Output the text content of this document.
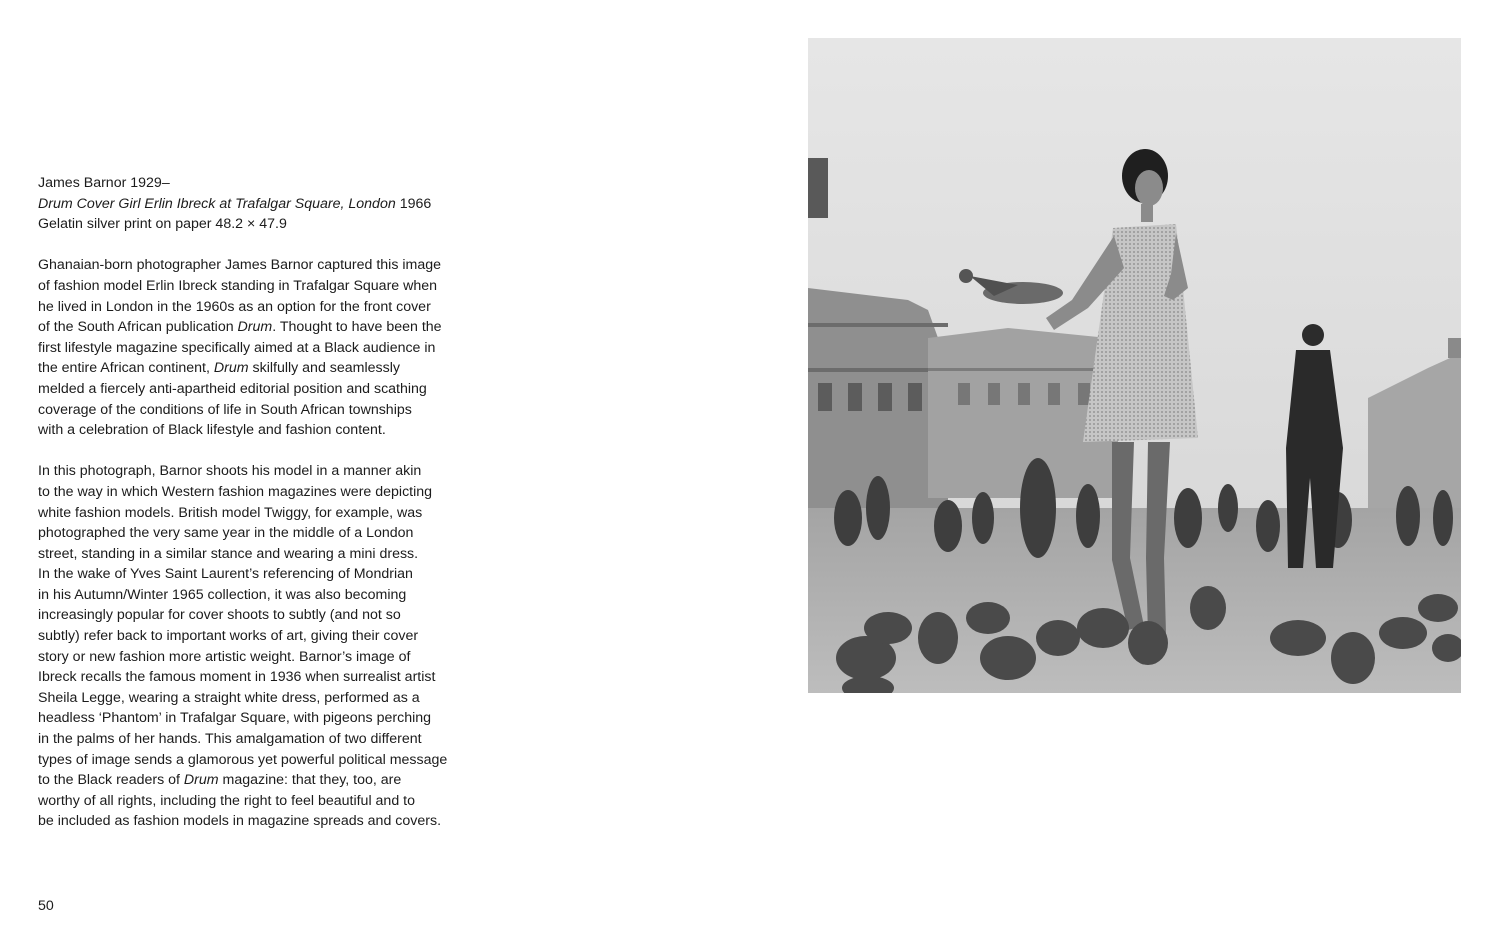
James Barnor 1929–
Drum Cover Girl Erlin Ibreck at Trafalgar Square, London 1966
Gelatin silver print on paper 48.2 × 47.9
Ghanaian-born photographer James Barnor captured this image
of fashion model Erlin Ibreck standing in Trafalgar Square when
he lived in London in the 1960s as an option for the front cover
of the South African publication Drum. Thought to have been the
first lifestyle magazine specifically aimed at a Black audience in
the entire African continent, Drum skilfully and seamlessly
melded a fiercely anti-apartheid editorial position and scathing
coverage of the conditions of life in South African townships
with a celebration of Black lifestyle and fashion content.
In this photograph, Barnor shoots his model in a manner akin
to the way in which Western fashion magazines were depicting
white fashion models. British model Twiggy, for example, was
photographed the very same year in the middle of a London
street, standing in a similar stance and wearing a mini dress.
In the wake of Yves Saint Laurent’s referencing of Mondrian
in his Autumn/Winter 1965 collection, it was also becoming
increasingly popular for cover shoots to subtly (and not so
subtly) refer back to important works of art, giving their cover
story or new fashion more artistic weight. Barnor’s image of
Ibreck recalls the famous moment in 1936 when surrealist artist
Sheila Legge, wearing a straight white dress, performed as a
headless ‘Phantom’ in Trafalgar Square, with pigeons perching
in the palms of her hands. This amalgamation of two different
types of image sends a glamorous yet powerful political message
to the Black readers of Drum magazine: that they, too, are
worthy of all rights, including the right to feel beautiful and to
be included as fashion models in magazine spreads and covers.
50
